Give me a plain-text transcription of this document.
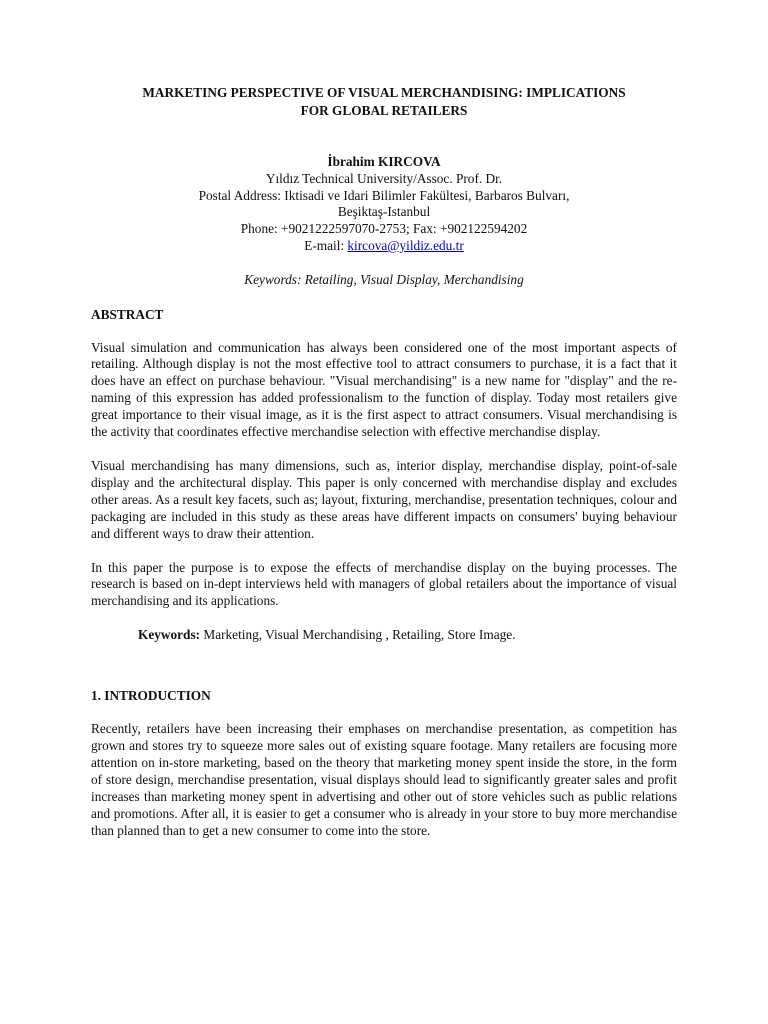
MARKETING PERSPECTIVE OF VISUAL MERCHANDISING: IMPLICATIONS
FOR GLOBAL RETAILERS
İbrahim KIRCOVA
Yıldız Technical University/Assoc. Prof. Dr.
Postal Address: Iktisadi ve Idari Bilimler Fakültesi, Barbaros Bulvarı,
Beşiktaş-Istanbul
Phone: +9021222597070-2753; Fax: +902122594202
E-mail: kircova@yildiz.edu.tr
Keywords: Retailing, Visual Display, Merchandising
ABSTRACT

Visual simulation and communication has always been considered one of the most important aspects of retailing. Although display is not the most effective tool to attract consumers to purchase, it is a fact that it does have an effect on purchase behaviour. "Visual merchandising" is a new name for "display" and the re-naming of this expression has added professionalism to the function of display. Today most retailers give great importance to their visual image, as it is the first aspect to attract consumers. Visual merchandising is the activity that coordinates effective merchandise selection with effective merchandise display.

Visual merchandising has many dimensions, such as, interior display, merchandise display, point-of-sale display and the architectural display. This paper is only concerned with merchandise display and excludes other areas. As a result key facets, such as; layout, fixturing, merchandise, presentation techniques, colour and packaging are included in this study as these areas have different impacts on consumers' buying behaviour and different ways to draw their attention.

In this paper the purpose is to expose the effects of merchandise display on the buying processes. The research is based on in-dept interviews held with managers of global retailers about the importance of visual merchandising and its applications.

Keywords: Marketing, Visual Merchandising , Retailing, Store Image.
1. INTRODUCTION

Recently, retailers have been increasing their emphases on merchandise presentation, as competition has grown and stores try to squeeze more sales out of existing square footage. Many retailers are focusing more attention on in-store marketing, based on the theory that marketing money spent inside the store, in the form of store design, merchandise presentation, visual displays should lead to significantly greater sales and profit increases than marketing money spent in advertising and other out of store vehicles such as public relations and promotions. After all, it is easier to get a consumer who is already in your store to buy more merchandise than planned than to get a new consumer to come into the store.
